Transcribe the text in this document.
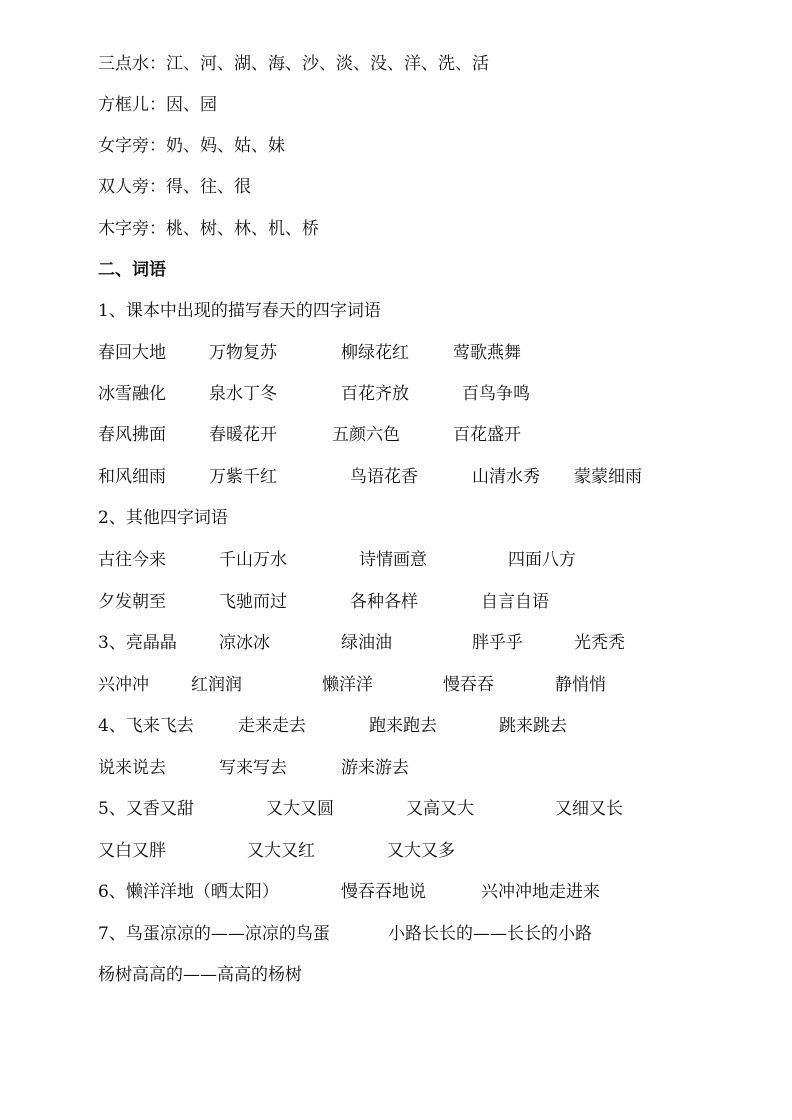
三点水：江、河、湖、海、沙、淡、没、洋、洗、活
方框儿：因、园
女字旁：奶、妈、姑、妹
双人旁：得、往、很
木字旁：桃、树、林、机、桥
二、词语
1、课本中出现的描写春天的四字词语
春回大地	万物复苏	柳绿花红	莺歌燕舞
冰雪融化	泉水丁冬	百花齐放	百鸟争鸣
春风拂面	春暖花开	五颜六色	百花盛开
和风细雨	万紫千红	鸟语花香	山清水秀 蒙蒙细雨
2、其他四字词语
古往今来	千山万水	诗情画意	四面八方
夕发朝至	飞驰而过	各种各样	自言自语
3、亮晶晶 凉冰冰	绿油油	胖乎乎	光秃秃
兴冲冲 红润润	懒洋洋	慢吞吞	静悄悄
4、飞来飞去	走来走去	跑来跑去	跳来跳去
说来说去	写来写去	游来游去
5、又香又甜	又大又圆	又高又大	又细又长
又白又胖	又大又红	又大又多
6、懒洋洋地（晒太阳）	慢吞吞地说	兴冲冲地走进来
7、鸟蛋凉凉的——凉凉的鸟蛋	小路长长的——长长的小路
杨树高高的——高高的杨树
